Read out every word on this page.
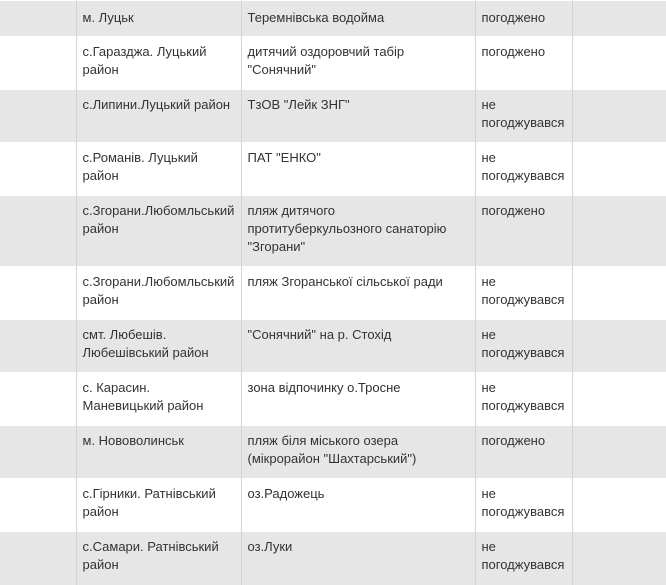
	м. Луцьк	Теремнівська водойма	погоджено	
	с.Гаразджа. Луцький район	дитячий оздоровчий табір "Сонячний"	погоджено	
	с.Липини.Луцький район	ТзОВ "Лейк ЗНГ"	не погоджувався	
	с.Романів. Луцький район	ПАТ "ЕНКО"	не погоджувався	
	с.Згорани.Любомльський район	пляж дитячого протитуберкульозного санаторію "Згорани"	погоджено	
	с.Згорани.Любомльський район	пляж Згоранської сільської ради	не погоджувався	
	смт. Любешів. Любешівський район	"Сонячний" на р. Стохід	не погоджувався	
	с. Карасин. Маневицький район	зона відпочинку о.Тросне	не погоджувався	
	м. Нововолинськ	пляж біля міського озера (мікрорайон "Шахтарський")	погоджено	
	с.Гірники. Ратнівський район	оз.Радожець	не погоджувався	
	с.Самари. Ратнівський район	оз.Луки	не погоджувався	
